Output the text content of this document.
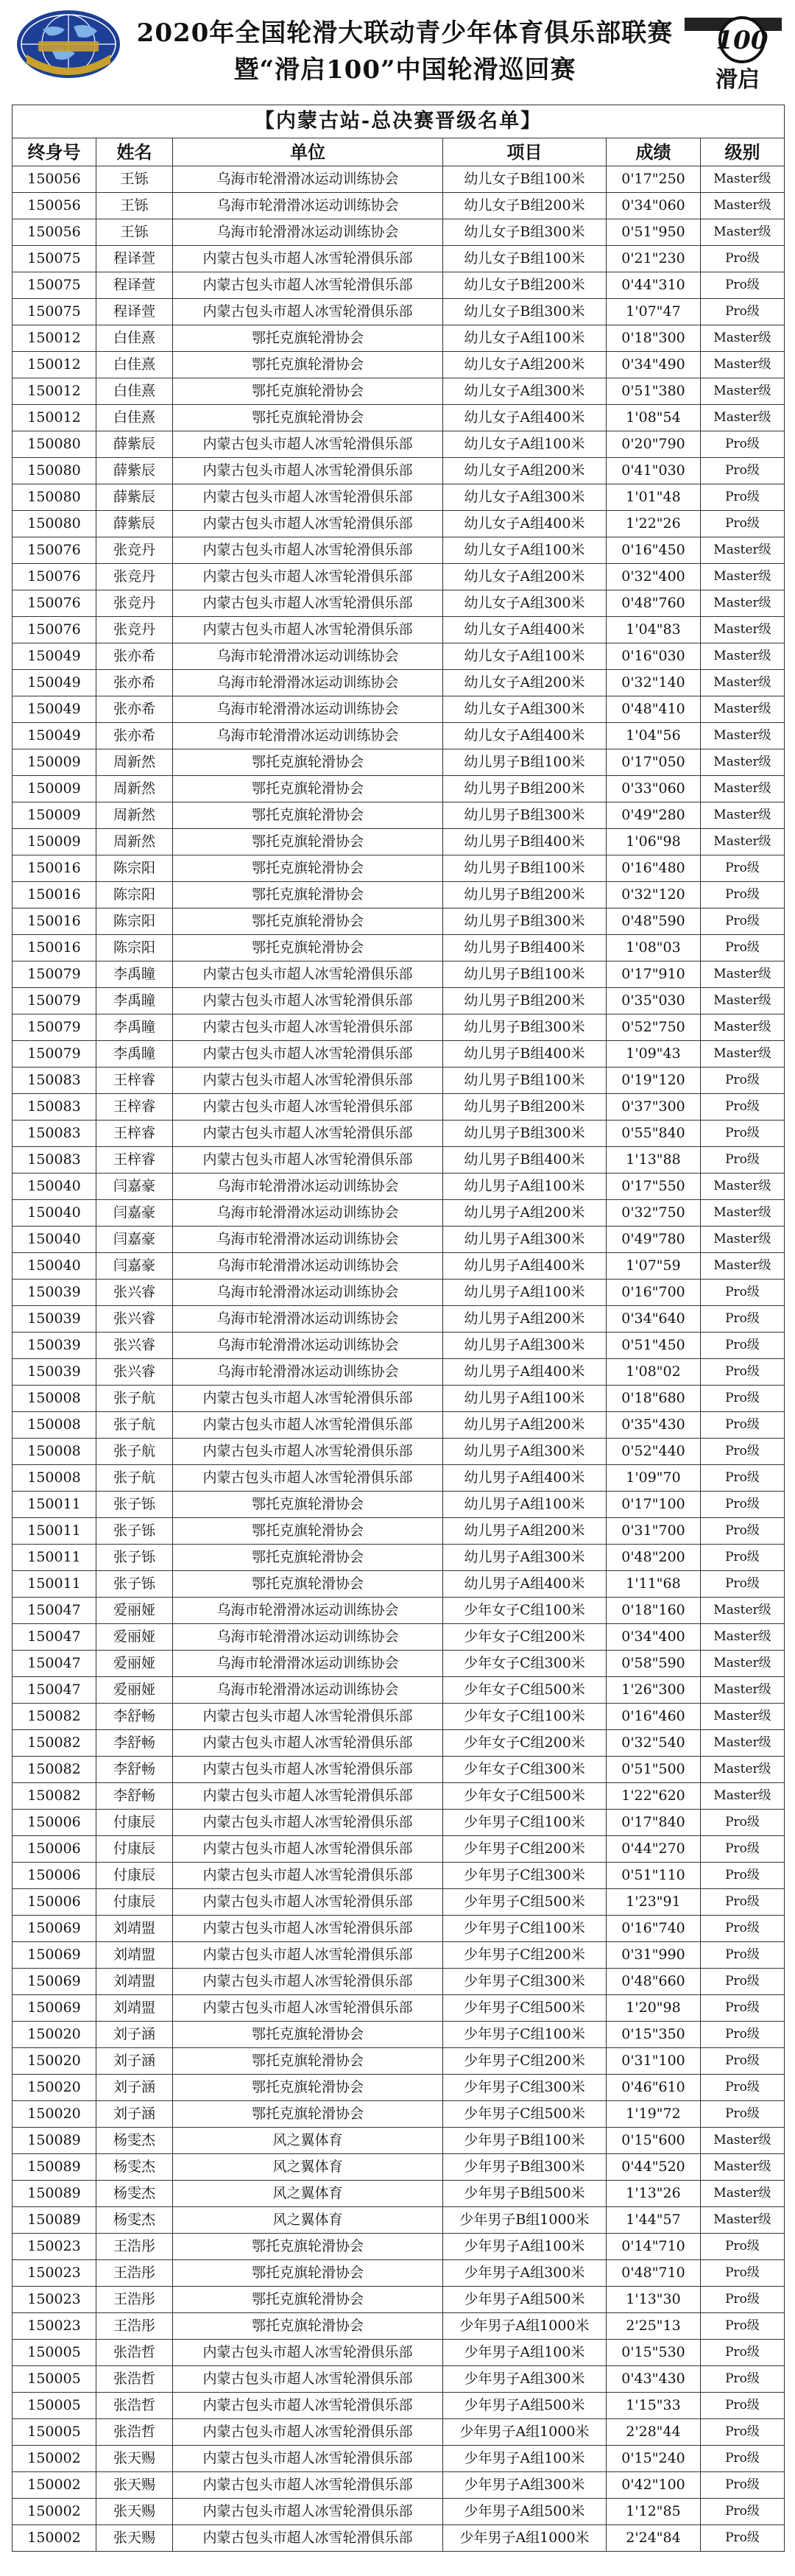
2020年全国轮滑大联动青少年体育俱乐部联赛
暨“滑启100”中国轮滑巡回赛
100
滑启
【内蒙古站-总决赛晋级名单】					
终身号	姓名	单位	项目	成绩	级别
150056	王铄	乌海市轮滑滑冰运动训练协会	幼儿女子B组100米	0'17"250	Master级
150056	王铄	乌海市轮滑滑冰运动训练协会	幼儿女子B组200米	0'34"060	Master级
150056	王铄	乌海市轮滑滑冰运动训练协会	幼儿女子B组300米	0'51"950	Master级
150075	程译萱	内蒙古包头市超人冰雪轮滑俱乐部	幼儿女子B组100米	0'21"230	Pro级
150075	程译萱	内蒙古包头市超人冰雪轮滑俱乐部	幼儿女子B组200米	0'44"310	Pro级
150075	程译萱	内蒙古包头市超人冰雪轮滑俱乐部	幼儿女子B组300米	1'07"47	Pro级
150012	白佳熹	鄂托克旗轮滑协会	幼儿女子A组100米	0'18"300	Master级
150012	白佳熹	鄂托克旗轮滑协会	幼儿女子A组200米	0'34"490	Master级
150012	白佳熹	鄂托克旗轮滑协会	幼儿女子A组300米	0'51"380	Master级
150012	白佳熹	鄂托克旗轮滑协会	幼儿女子A组400米	1'08"54	Master级
150080	薛紫辰	内蒙古包头市超人冰雪轮滑俱乐部	幼儿女子A组100米	0'20"790	Pro级
150080	薛紫辰	内蒙古包头市超人冰雪轮滑俱乐部	幼儿女子A组200米	0'41"030	Pro级
150080	薛紫辰	内蒙古包头市超人冰雪轮滑俱乐部	幼儿女子A组300米	1'01"48	Pro级
150080	薛紫辰	内蒙古包头市超人冰雪轮滑俱乐部	幼儿女子A组400米	1'22"26	Pro级
150076	张竞丹	内蒙古包头市超人冰雪轮滑俱乐部	幼儿女子A组100米	0'16"450	Master级
150076	张竞丹	内蒙古包头市超人冰雪轮滑俱乐部	幼儿女子A组200米	0'32"400	Master级
150076	张竞丹	内蒙古包头市超人冰雪轮滑俱乐部	幼儿女子A组300米	0'48"760	Master级
150076	张竞丹	内蒙古包头市超人冰雪轮滑俱乐部	幼儿女子A组400米	1'04"83	Master级
150049	张亦希	乌海市轮滑滑冰运动训练协会	幼儿女子A组100米	0'16"030	Master级
150049	张亦希	乌海市轮滑滑冰运动训练协会	幼儿女子A组200米	0'32"140	Master级
150049	张亦希	乌海市轮滑滑冰运动训练协会	幼儿女子A组300米	0'48"410	Master级
150049	张亦希	乌海市轮滑滑冰运动训练协会	幼儿女子A组400米	1'04"56	Master级
150009	周新然	鄂托克旗轮滑协会	幼儿男子B组100米	0'17"050	Master级
150009	周新然	鄂托克旗轮滑协会	幼儿男子B组200米	0'33"060	Master级
150009	周新然	鄂托克旗轮滑协会	幼儿男子B组300米	0'49"280	Master级
150009	周新然	鄂托克旗轮滑协会	幼儿男子B组400米	1'06"98	Master级
150016	陈宗阳	鄂托克旗轮滑协会	幼儿男子B组100米	0'16"480	Pro级
150016	陈宗阳	鄂托克旗轮滑协会	幼儿男子B组200米	0'32"120	Pro级
150016	陈宗阳	鄂托克旗轮滑协会	幼儿男子B组300米	0'48"590	Pro级
150016	陈宗阳	鄂托克旗轮滑协会	幼儿男子B组400米	1'08"03	Pro级
150079	李禹瞳	内蒙古包头市超人冰雪轮滑俱乐部	幼儿男子B组100米	0'17"910	Master级
150079	李禹瞳	内蒙古包头市超人冰雪轮滑俱乐部	幼儿男子B组200米	0'35"030	Master级
150079	李禹瞳	内蒙古包头市超人冰雪轮滑俱乐部	幼儿男子B组300米	0'52"750	Master级
150079	李禹瞳	内蒙古包头市超人冰雪轮滑俱乐部	幼儿男子B组400米	1'09"43	Master级
150083	王梓睿	内蒙古包头市超人冰雪轮滑俱乐部	幼儿男子B组100米	0'19"120	Pro级
150083	王梓睿	内蒙古包头市超人冰雪轮滑俱乐部	幼儿男子B组200米	0'37"300	Pro级
150083	王梓睿	内蒙古包头市超人冰雪轮滑俱乐部	幼儿男子B组300米	0'55"840	Pro级
150083	王梓睿	内蒙古包头市超人冰雪轮滑俱乐部	幼儿男子B组400米	1'13"88	Pro级
150040	闫嘉豪	乌海市轮滑滑冰运动训练协会	幼儿男子A组100米	0'17"550	Master级
150040	闫嘉豪	乌海市轮滑滑冰运动训练协会	幼儿男子A组200米	0'32"750	Master级
150040	闫嘉豪	乌海市轮滑滑冰运动训练协会	幼儿男子A组300米	0'49"780	Master级
150040	闫嘉豪	乌海市轮滑滑冰运动训练协会	幼儿男子A组400米	1'07"59	Master级
150039	张兴睿	乌海市轮滑滑冰运动训练协会	幼儿男子A组100米	0'16"700	Pro级
150039	张兴睿	乌海市轮滑滑冰运动训练协会	幼儿男子A组200米	0'34"640	Pro级
150039	张兴睿	乌海市轮滑滑冰运动训练协会	幼儿男子A组300米	0'51"450	Pro级
150039	张兴睿	乌海市轮滑滑冰运动训练协会	幼儿男子A组400米	1'08"02	Pro级
150008	张子航	内蒙古包头市超人冰雪轮滑俱乐部	幼儿男子A组100米	0'18"680	Pro级
150008	张子航	内蒙古包头市超人冰雪轮滑俱乐部	幼儿男子A组200米	0'35"430	Pro级
150008	张子航	内蒙古包头市超人冰雪轮滑俱乐部	幼儿男子A组300米	0'52"440	Pro级
150008	张子航	内蒙古包头市超人冰雪轮滑俱乐部	幼儿男子A组400米	1'09"70	Pro级
150011	张子铄	鄂托克旗轮滑协会	幼儿男子A组100米	0'17"100	Pro级
150011	张子铄	鄂托克旗轮滑协会	幼儿男子A组200米	0'31"700	Pro级
150011	张子铄	鄂托克旗轮滑协会	幼儿男子A组300米	0'48"200	Pro级
150011	张子铄	鄂托克旗轮滑协会	幼儿男子A组400米	1'11"68	Pro级
150047	爱丽娅	乌海市轮滑滑冰运动训练协会	少年女子C组100米	0'18"160	Master级
150047	爱丽娅	乌海市轮滑滑冰运动训练协会	少年女子C组200米	0'34"400	Master级
150047	爱丽娅	乌海市轮滑滑冰运动训练协会	少年女子C组300米	0'58"590	Master级
150047	爱丽娅	乌海市轮滑滑冰运动训练协会	少年女子C组500米	1'26"300	Master级
150082	李舒畅	内蒙古包头市超人冰雪轮滑俱乐部	少年女子C组100米	0'16"460	Master级
150082	李舒畅	内蒙古包头市超人冰雪轮滑俱乐部	少年女子C组200米	0'32"540	Master级
150082	李舒畅	内蒙古包头市超人冰雪轮滑俱乐部	少年女子C组300米	0'51"500	Master级
150082	李舒畅	内蒙古包头市超人冰雪轮滑俱乐部	少年女子C组500米	1'22"620	Master级
150006	付康辰	内蒙古包头市超人冰雪轮滑俱乐部	少年男子C组100米	0'17"840	Pro级
150006	付康辰	内蒙古包头市超人冰雪轮滑俱乐部	少年男子C组200米	0'44"270	Pro级
150006	付康辰	内蒙古包头市超人冰雪轮滑俱乐部	少年男子C组300米	0'51"110	Pro级
150006	付康辰	内蒙古包头市超人冰雪轮滑俱乐部	少年男子C组500米	1'23"91	Pro级
150069	刘靖盟	内蒙古包头市超人冰雪轮滑俱乐部	少年男子C组100米	0'16"740	Pro级
150069	刘靖盟	内蒙古包头市超人冰雪轮滑俱乐部	少年男子C组200米	0'31"990	Pro级
150069	刘靖盟	内蒙古包头市超人冰雪轮滑俱乐部	少年男子C组300米	0'48"660	Pro级
150069	刘靖盟	内蒙古包头市超人冰雪轮滑俱乐部	少年男子C组500米	1'20"98	Pro级
150020	刘子涵	鄂托克旗轮滑协会	少年男子C组100米	0'15"350	Pro级
150020	刘子涵	鄂托克旗轮滑协会	少年男子C组200米	0'31"100	Pro级
150020	刘子涵	鄂托克旗轮滑协会	少年男子C组300米	0'46"610	Pro级
150020	刘子涵	鄂托克旗轮滑协会	少年男子C组500米	1'19"72	Pro级
150089	杨雯杰	风之翼体育	少年男子B组100米	0'15"600	Master级
150089	杨雯杰	风之翼体育	少年男子B组300米	0'44"520	Master级
150089	杨雯杰	风之翼体育	少年男子B组500米	1'13"26	Master级
150089	杨雯杰	风之翼体育	少年男子B组1000米	1'44"57	Master级
150023	王浩彤	鄂托克旗轮滑协会	少年男子A组100米	0'14"710	Pro级
150023	王浩彤	鄂托克旗轮滑协会	少年男子A组300米	0'48"710	Pro级
150023	王浩彤	鄂托克旗轮滑协会	少年男子A组500米	1'13"30	Pro级
150023	王浩彤	鄂托克旗轮滑协会	少年男子A组1000米	2'25"13	Pro级
150005	张浩哲	内蒙古包头市超人冰雪轮滑俱乐部	少年男子A组100米	0'15"530	Pro级
150005	张浩哲	内蒙古包头市超人冰雪轮滑俱乐部	少年男子A组300米	0'43"430	Pro级
150005	张浩哲	内蒙古包头市超人冰雪轮滑俱乐部	少年男子A组500米	1'15"33	Pro级
150005	张浩哲	内蒙古包头市超人冰雪轮滑俱乐部	少年男子A组1000米	2'28"44	Pro级
150002	张天赐	内蒙古包头市超人冰雪轮滑俱乐部	少年男子A组100米	0'15"240	Pro级
150002	张天赐	内蒙古包头市超人冰雪轮滑俱乐部	少年男子A组300米	0'42"100	Pro级
150002	张天赐	内蒙古包头市超人冰雪轮滑俱乐部	少年男子A组500米	1'12"85	Pro级
150002	张天赐	内蒙古包头市超人冰雪轮滑俱乐部	少年男子A组1000米	2'24"84	Pro级
